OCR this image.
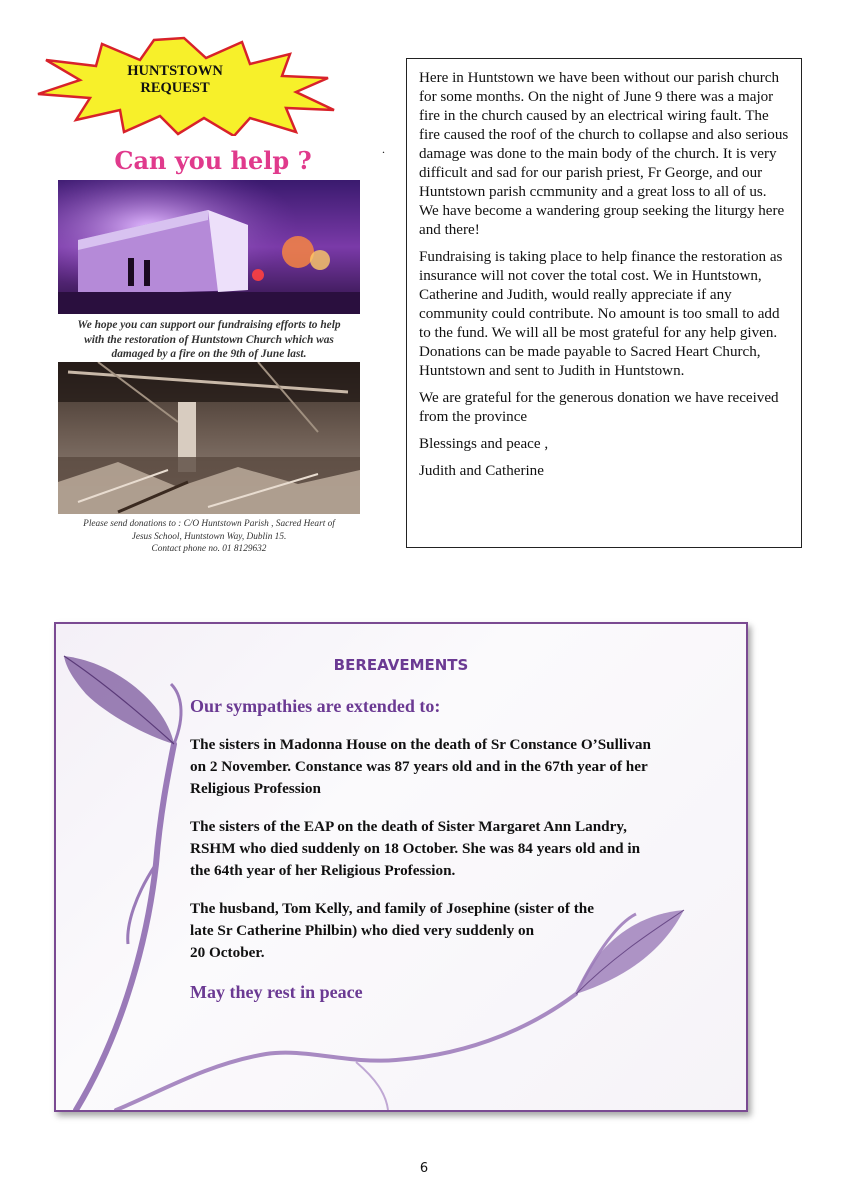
HUNTSTOWN
REQUEST
Can you help ?
We hope you can support our fundraising efforts to help
with the restoration of Huntstown Church which was
damaged by a fire on the 9th of June last.
Please send donations to : C/O Huntstown Parish , Sacred Heart of
Jesus School, Huntstown Way, Dublin 15.
Contact phone no. 01 8129632
.

Here in Huntstown we have been without our parish church for some months. On the night of June 9 there was a major fire in the church caused by an electrical wiring fault. The fire caused the roof of the church to collapse and also serious damage was done to the main body of the church. It is very difficult and sad for our parish priest, Fr George, and our Huntstown parish ccmmunity and a great loss to all of us. We have become a wandering group seeking the liturgy here and there!

Fundraising is taking place to help finance the restoration as insurance will not cover the total cost. We in Huntstown, Catherine and Judith, would really appreciate if any community could contribute. No amount is too small to add to the fund. We will all be most grateful for any help given. Donations can be made payable to Sacred Heart Church, Huntstown and sent to Judith in Huntstown.

We are grateful for the generous donation we have received from the province

Blessings and peace ,

Judith and Catherine

BEREAVEMENTS
Our sympathies are extended to:
The sisters in Madonna House on the death of Sr Constance O’Sullivan
on 2 November. Constance was 87 years old and in the 67th year of her
Religious Profession
The sisters of the EAP on the death of Sister Margaret Ann Landry,
RSHM who died suddenly on 18 October. She was 84 years old and in
the 64th year of her Religious Profession.
The husband, Tom Kelly, and family of Josephine (sister of the
late Sr Catherine Philbin) who died very suddenly on
20 October.
May they rest in peace
6
